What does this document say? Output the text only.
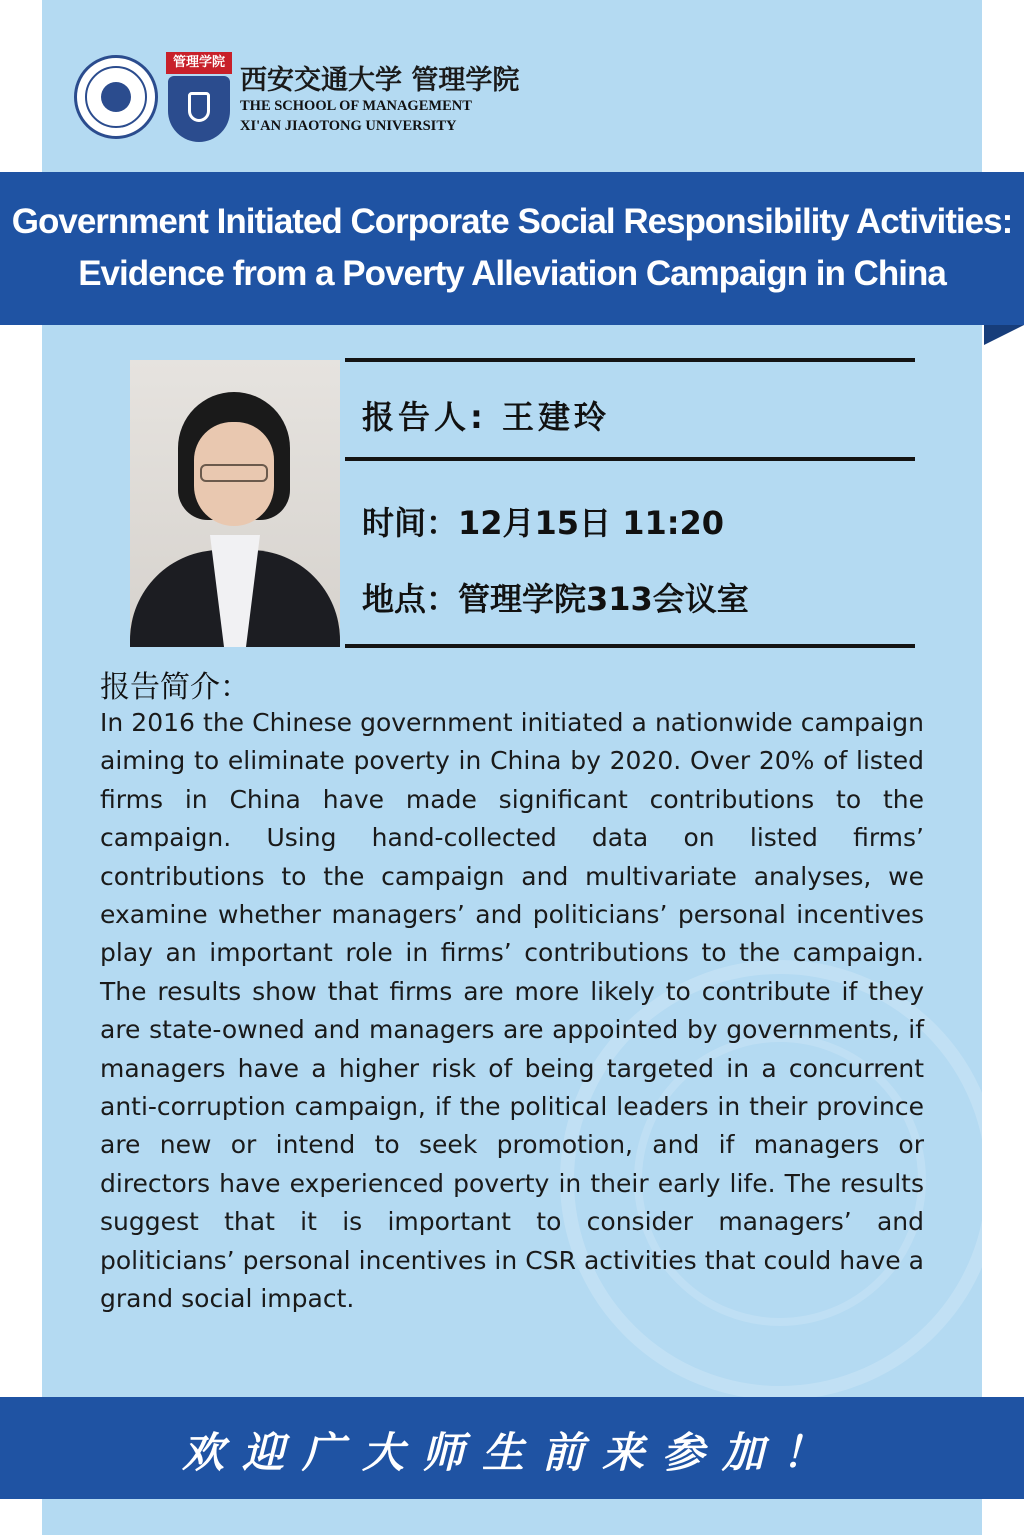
管理学院
西安交通大学 管理学院
THE SCHOOL OF MANAGEMENT
XI'AN JIAOTONG UNIVERSITY
Government Initiated Corporate Social Responsibility Activities:
Evidence from a Poverty Alleviation Campaign in China
报告人: 王建玲
时间：12月15日 11:20
地点：管理学院313会议室
报告简介：
In 2016 the Chinese government initiated a nationwide campaign aiming to eliminate poverty in China by 2020. Over 20% of listed firms in China have made significant contributions to the campaign. Using hand-collected data on listed firms’ contributions to the campaign and multivariate analyses, we examine whether managers’ and politicians’ personal incentives play an important role in firms’ contributions to the campaign. The results show that firms are more likely to contribute if they are state-owned and managers are appointed by governments, if managers have a higher risk of being targeted in a concurrent anti-corruption campaign, if the political leaders in their province are new or intend to seek promotion, and if managers or directors have experienced poverty in their early life. The results suggest that it is important to consider managers’ and politicians’ personal incentives in CSR activities that could have a grand social impact.
欢迎广大师生前来参加！
